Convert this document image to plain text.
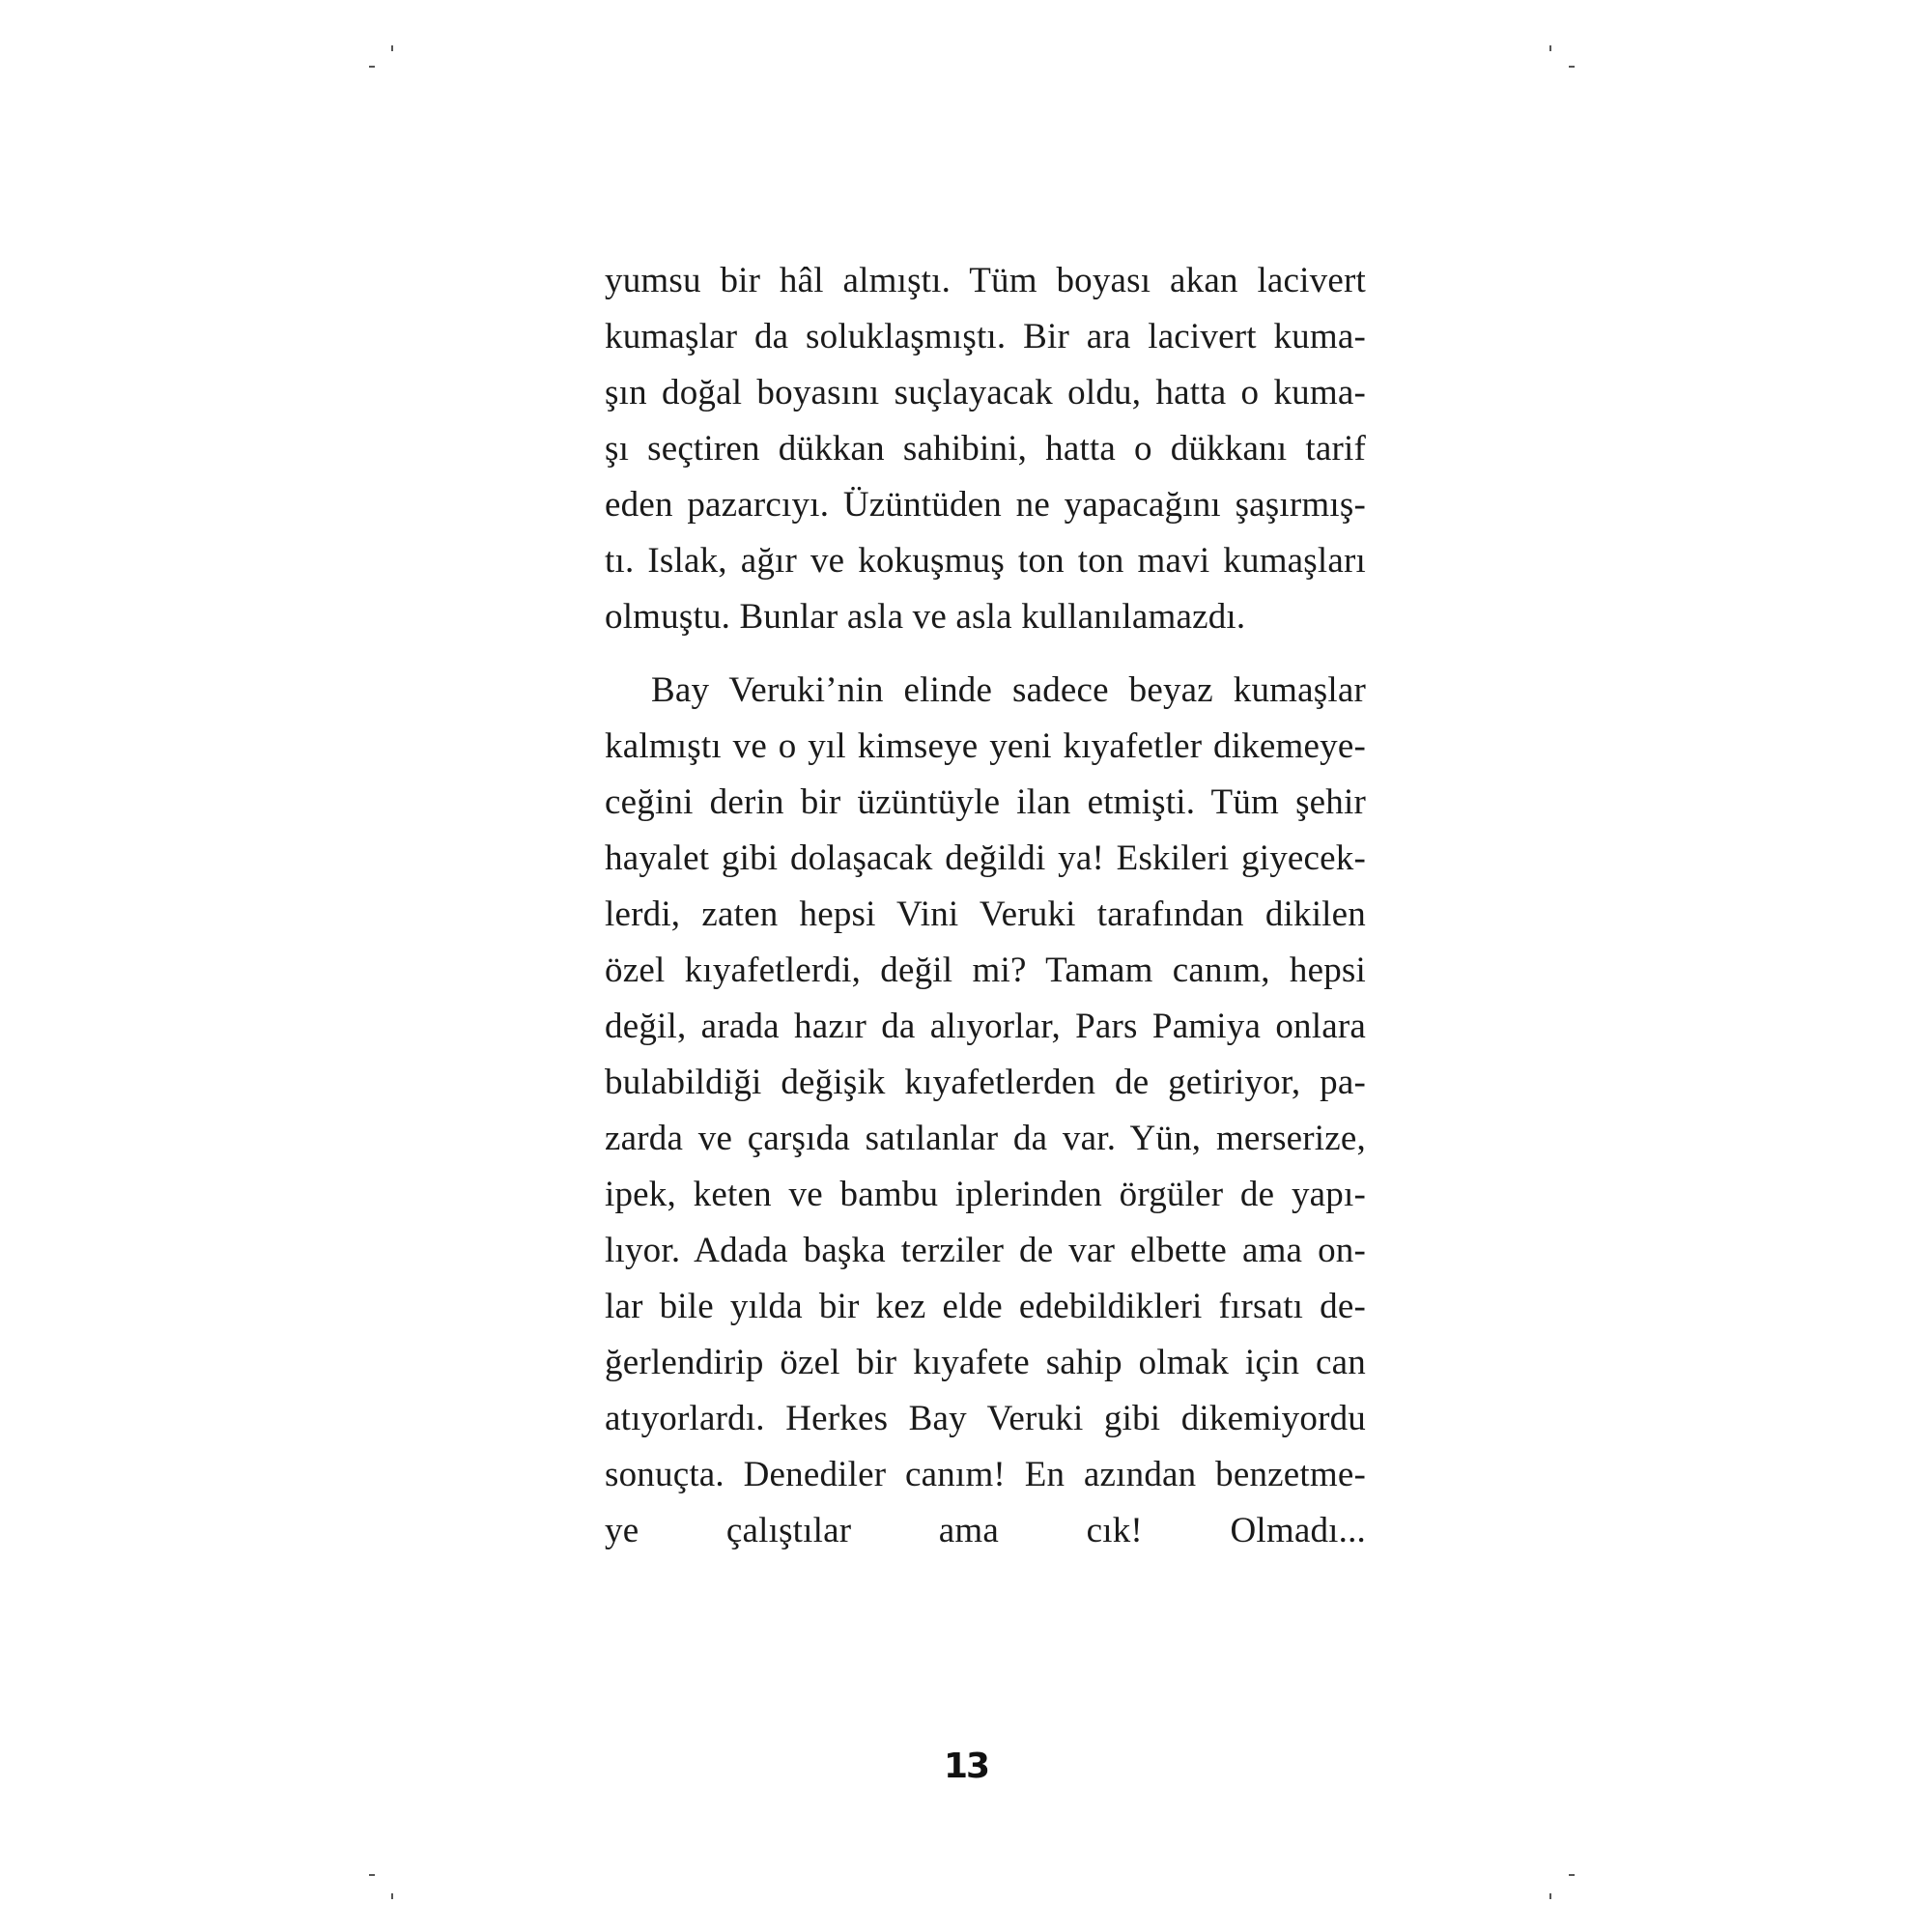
yumsu bir hâl almıştı. Tüm boyası akan lacivert
kumaşlar da soluklaşmıştı. Bir ara lacivert kuma-
şın doğal boyasını suçlayacak oldu, hatta o kuma-
şı seçtiren dükkan sahibini, hatta o dükkanı tarif
eden pazarcıyı. Üzüntüden ne yapacağını şaşırmış-
tı. Islak, ağır ve kokuşmuş ton ton mavi kumaşları
olmuştu. Bunlar asla ve asla kullanılamazdı.
Bay Veruki’nin elinde sadece beyaz kumaşlar
kalmıştı ve o yıl kimseye yeni kıyafetler dikemeye-
ceğini derin bir üzüntüyle ilan etmişti. Tüm şehir
hayalet gibi dolaşacak değildi ya! Eskileri giyecek-
lerdi, zaten hepsi Vini Veruki tarafından dikilen
özel kıyafetlerdi, değil mi? Tamam canım, hepsi
değil, arada hazır da alıyorlar, Pars Pamiya onlara
bulabildiği değişik kıyafetlerden de getiriyor, pa-
zarda ve çarşıda satılanlar da var. Yün, merserize,
ipek, keten ve bambu iplerinden örgüler de yapı-
lıyor. Adada başka terziler de var elbette ama on-
lar bile yılda bir kez elde edebildikleri fırsatı de-
ğerlendirip özel bir kıyafete sahip olmak için can
atıyorlardı. Herkes Bay Veruki gibi dikemiyordu
sonuçta. Denediler canım! En azından benzetme-
ye çalıştılar ama cık! Olmadı...
13
